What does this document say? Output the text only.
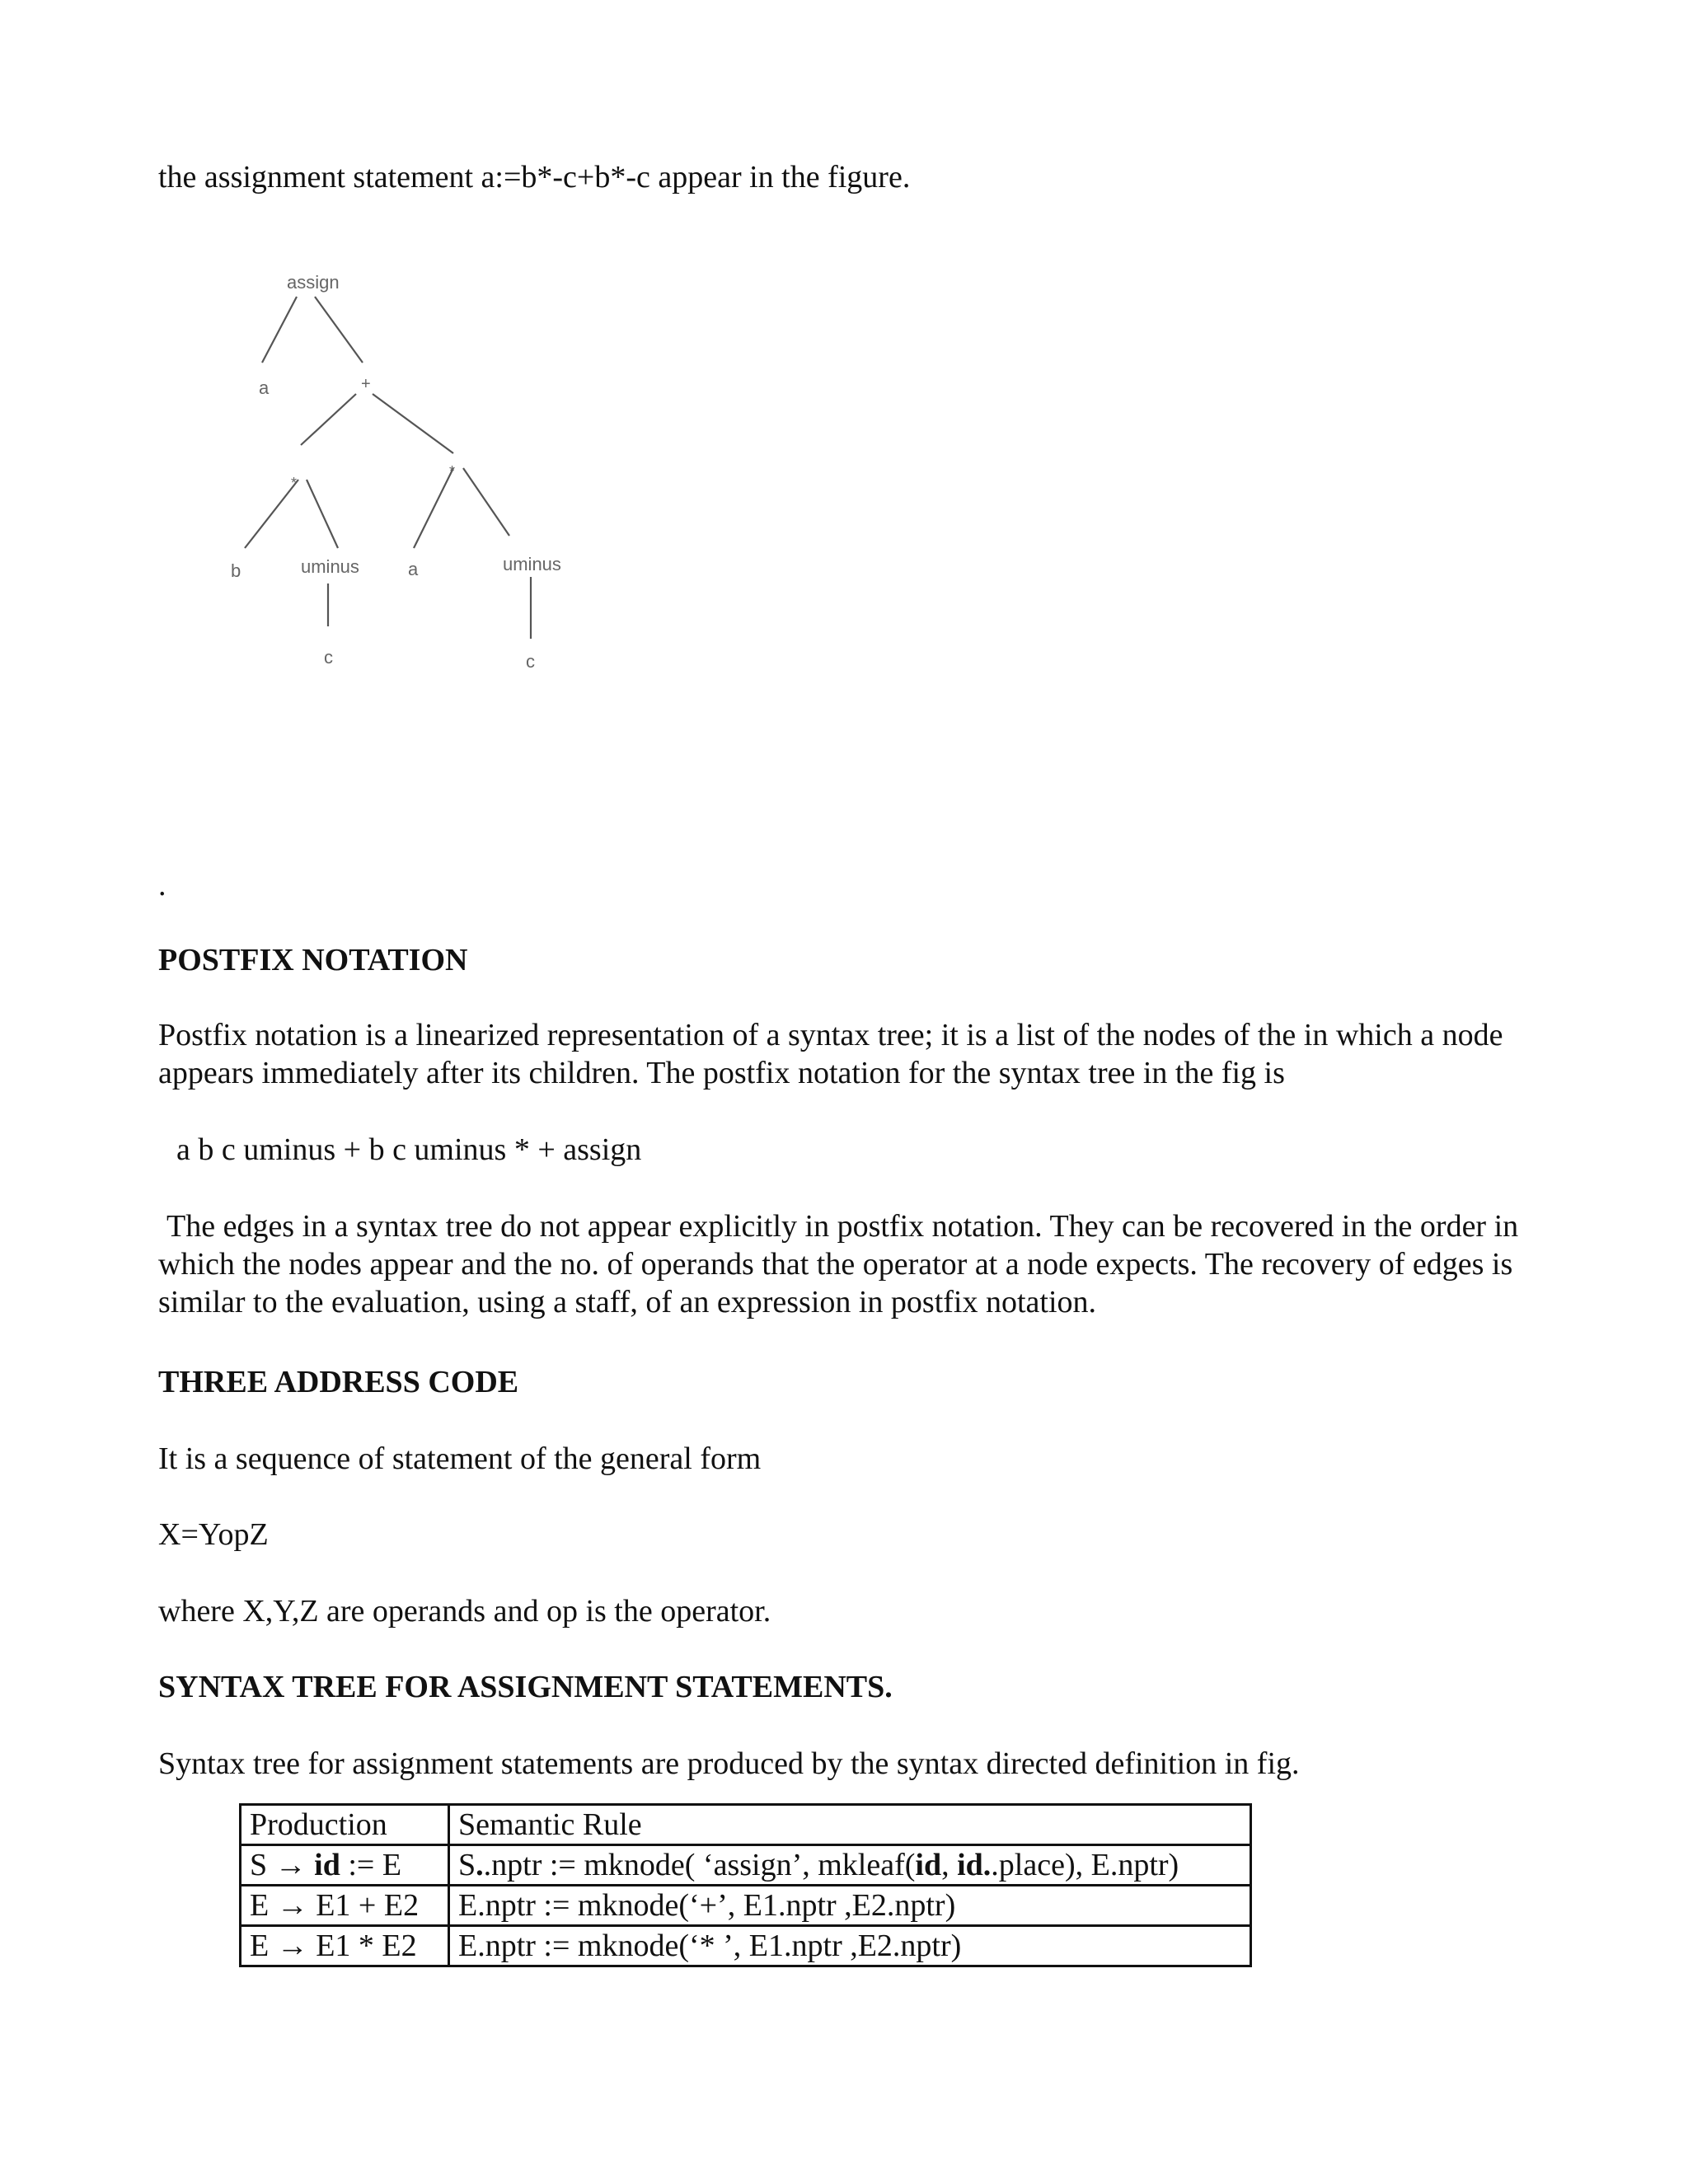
the assignment statement a:=b*-c+b*-c appear in the figure.
assign
a	+
*
*
b	uminus	a	uminus
c	c
.
POSTFIX NOTATION
Postfix notation is a linearized representation of a syntax tree; it is a list of the nodes of the in which a node appears immediately after its children. The postfix notation for the syntax tree in the fig is
a b c uminus + b c uminus * + assign
The edges in a syntax tree do not appear explicitly in postfix notation. They can be recovered in the order in which the nodes appear and the no. of operands that the operator at a node expects. The recovery of edges is similar to the evaluation, using a staff, of an expression in postfix notation.
THREE ADDRESS CODE
It is a sequence of statement of the general form
X=YopZ
where X,Y,Z are operands and op is the operator.
SYNTAX TREE FOR ASSIGNMENT STATEMENTS.
Syntax tree for assignment statements are produced by the syntax directed definition in fig.
Production	Semantic Rule
S → id := E	S..nptr := mknode( ‘assign’, mkleaf(id, id..place), E.nptr)
E → E1 + E2	E.nptr := mknode(‘+’, E1.nptr ,E2.nptr)
E → E1 * E2	E.nptr := mknode(‘* ’, E1.nptr ,E2.nptr)
